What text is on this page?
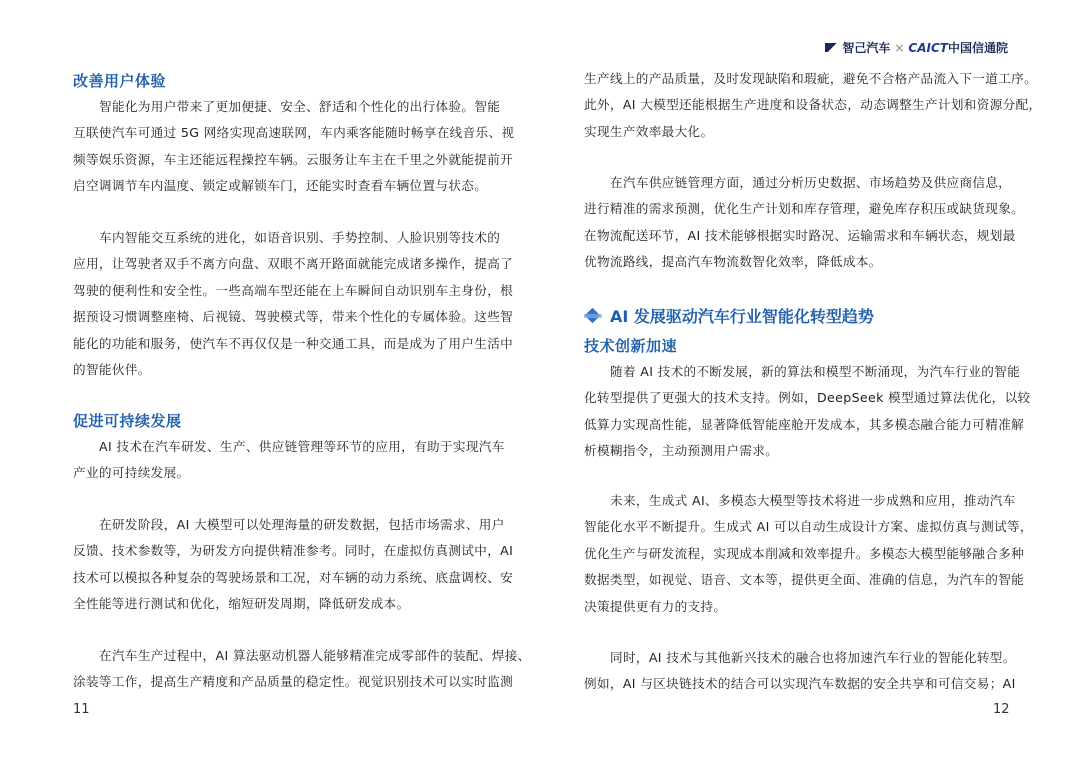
智己汽车 × CAICT 中国信通院
改善用户体验
智能化为用户带来了更加便捷、安全、舒适和个性化的出行体验。智能
互联使汽车可通过 5G 网络实现高速联网，车内乘客能随时畅享在线音乐、视
频等娱乐资源，车主还能远程操控车辆。云服务让车主在千里之外就能提前开
启空调调节车内温度、锁定或解锁车门，还能实时查看车辆位置与状态。
车内智能交互系统的进化，如语音识别、手势控制、人脸识别等技术的
应用，让驾驶者双手不离方向盘、双眼不离开路面就能完成诸多操作，提高了
驾驶的便利性和安全性。一些高端车型还能在上车瞬间自动识别车主身份，根
据预设习惯调整座椅、后视镜、驾驶模式等，带来个性化的专属体验。这些智
能化的功能和服务，使汽车不再仅仅是一种交通工具，而是成为了用户生活中
的智能伙伴。
促进可持续发展
AI 技术在汽车研发、生产、供应链管理等环节的应用，有助于实现汽车
产业的可持续发展。
在研发阶段，AI 大模型可以处理海量的研发数据，包括市场需求、用户
反馈、技术参数等，为研发方向提供精准参考。同时，在虚拟仿真测试中，AI
技术可以模拟各种复杂的驾驶场景和工况，对车辆的动力系统、底盘调校、安
全性能等进行测试和优化，缩短研发周期，降低研发成本。
在汽车生产过程中，AI 算法驱动机器人能够精准完成零部件的装配、焊接、
涂装等工作，提高生产精度和产品质量的稳定性。视觉识别技术可以实时监测
11
生产线上的产品质量，及时发现缺陷和瑕疵，避免不合格产品流入下一道工序。
此外，AI 大模型还能根据生产进度和设备状态，动态调整生产计划和资源分配，
实现生产效率最大化。
在汽车供应链管理方面，通过分析历史数据、市场趋势及供应商信息，
进行精准的需求预测，优化生产计划和库存管理，避免库存积压或缺货现象。
在物流配送环节，AI 技术能够根据实时路况、运输需求和车辆状态，规划最
优物流路线，提高汽车物流数智化效率，降低成本。
AI 发展驱动汽车行业智能化转型趋势
技术创新加速
随着 AI 技术的不断发展，新的算法和模型不断涌现，为汽车行业的智能
化转型提供了更强大的技术支持。例如，DeepSeek 模型通过算法优化，以较
低算力实现高性能，显著降低智能座舱开发成本，其多模态融合能力可精准解
析模糊指令，主动预测用户需求。
未来，生成式 AI、多模态大模型等技术将进一步成熟和应用，推动汽车
智能化水平不断提升。生成式 AI 可以自动生成设计方案、虚拟仿真与测试等，
优化生产与研发流程，实现成本削减和效率提升。多模态大模型能够融合多种
数据类型，如视觉、语音、文本等，提供更全面、准确的信息，为汽车的智能
决策提供更有力的支持。
同时，AI 技术与其他新兴技术的融合也将加速汽车行业的智能化转型。
例如，AI 与区块链技术的结合可以实现汽车数据的安全共享和可信交易；AI
12
